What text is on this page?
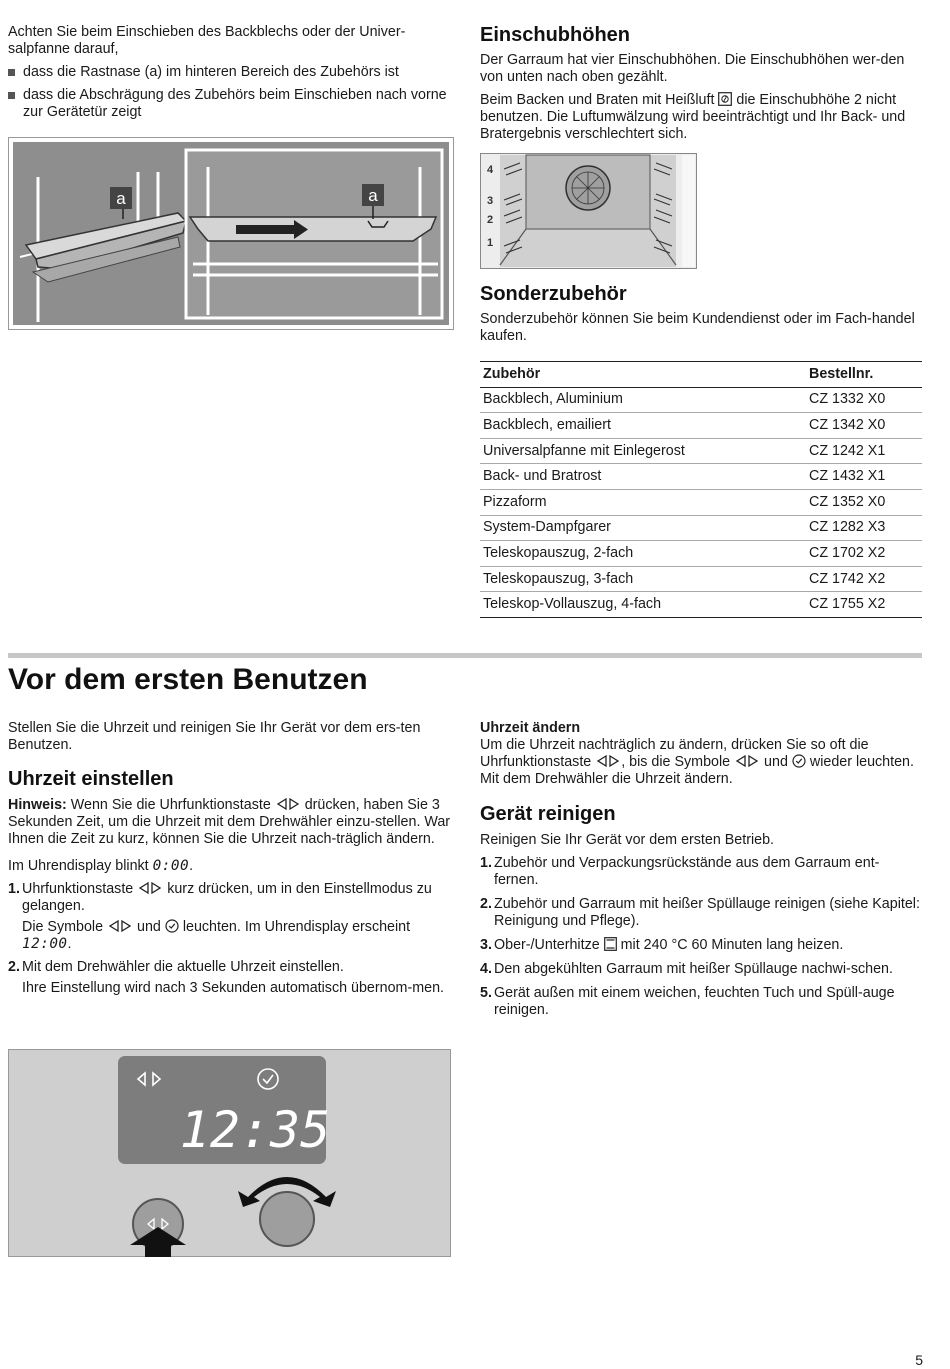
Achten Sie beim Einschieben des Backblechs oder der Univer-salpfanne darauf,

dass die Rastnase (a) im hinteren Bereich des Zubehörs ist

dass die Abschrägung des Zubehörs beim Einschieben nach vorne zur Gerätetür zeigt

a	a
Einschubhöhen

Der Garraum hat vier Einschubhöhen. Die Einschubhöhen wer-den von unten nach oben gezählt.

Beim Backen und Braten mit Heißluft  die Einschubhöhe 2 nicht benutzen. Die Luftumwälzung wird beeinträchtigt und Ihr Back- und Bratergebnis verschlechtert sich.

4
3
2
1
Sonderzubehör

Sonderzubehör können Sie beim Kundendienst oder im Fach-handel kaufen.

Zubehör	Bestellnr.
Backblech, Aluminium	CZ 1332 X0
Backblech, emailiert	CZ 1342 X0
Universalpfanne mit Einlegerost	CZ 1242 X1
Back- und Bratrost	CZ 1432 X1
Pizzaform	CZ 1352 X0
System-Dampfgarer	CZ 1282 X3
Teleskopauszug, 2-fach	CZ 1702 X2
Teleskopauszug, 3-fach	CZ 1742 X2
Teleskop-Vollauszug, 4-fach	CZ 1755 X2
Vor dem ersten Benutzen

Stellen Sie die Uhrzeit und reinigen Sie Ihr Gerät vor dem ers-ten Benutzen.

Uhrzeit einstellen

Hinweis: Wenn Sie die Uhrfunktionstaste  drücken, haben Sie 3 Sekunden Zeit, um die Uhrzeit mit dem Drehwähler einzu-stellen. War Ihnen die Zeit zu kurz, können Sie die Uhrzeit nach-träglich ändern.

Im Uhrendisplay blinkt 0:00.

1. Uhrfunktionstaste  kurz drücken, um in den Einstellmodus zu gelangen.

Die Symbole  und  leuchten. Im Uhrendisplay erscheint 12:00.

2. Mit dem Drehwähler die aktuelle Uhrzeit einstellen.

Ihre Einstellung wird nach 3 Sekunden automatisch übernom-men.

12:35
Uhrzeit ändern

Um die Uhrzeit nachträglich zu ändern, drücken Sie so oft die Uhrfunktionstaste , bis die Symbole  und  wieder leuchten. Mit dem Drehwähler die Uhrzeit ändern.

Gerät reinigen

Reinigen Sie Ihr Gerät vor dem ersten Betrieb.

1. Zubehör und Verpackungsrückstände aus dem Garraum ent-fernen.

2. Zubehör und Garraum mit heißer Spüllauge reinigen (siehe Kapitel: Reinigung und Pflege).

3. Ober-/Unterhitze  mit 240 °C 60 Minuten lang heizen.

4. Den abgekühlten Garraum mit heißer Spüllauge nachwi-schen.

5. Gerät außen mit einem weichen, feuchten Tuch und Spüll-auge reinigen.

5
